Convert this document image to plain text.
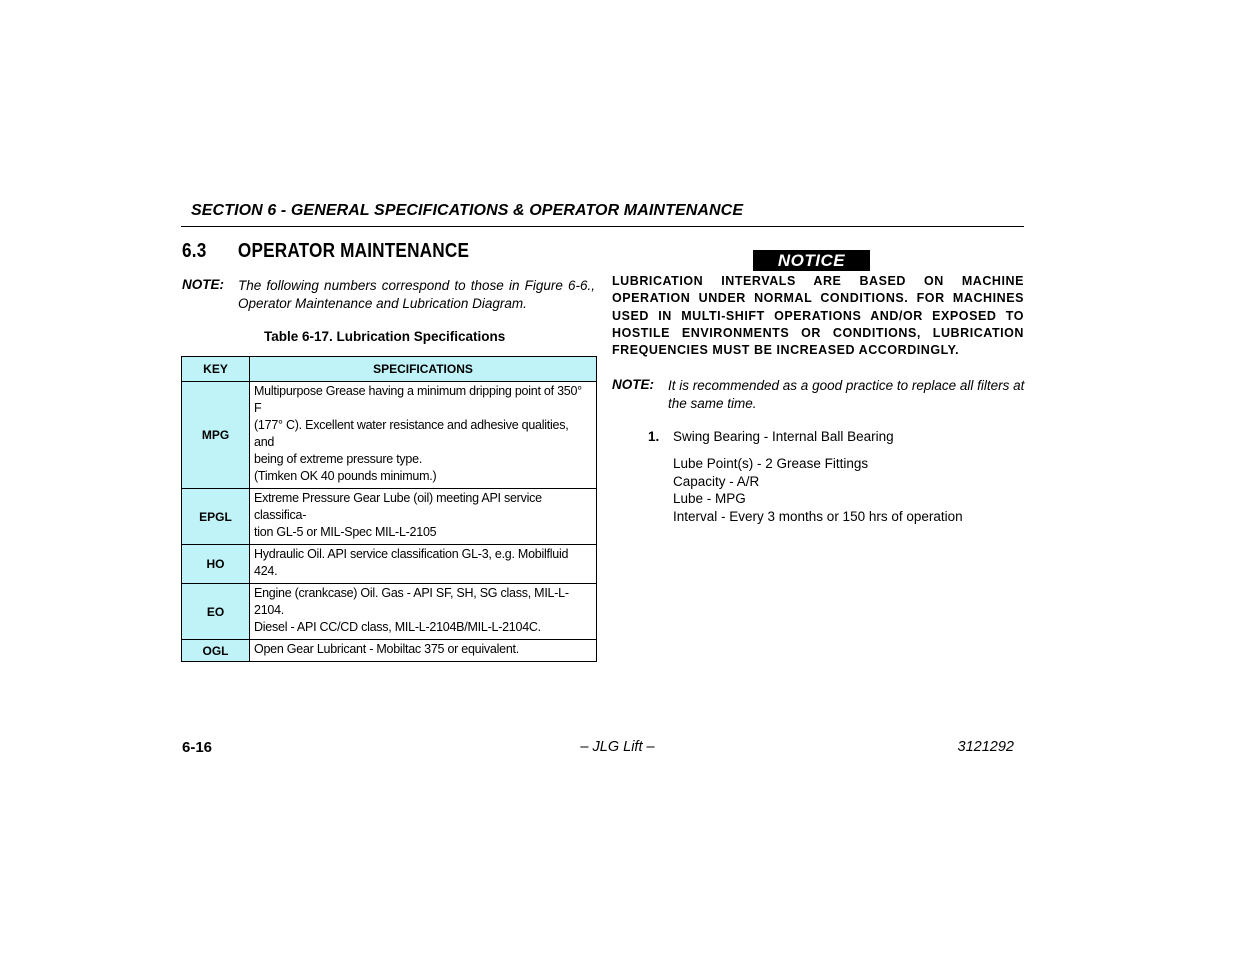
SECTION 6 - GENERAL SPECIFICATIONS & OPERATOR MAINTENANCE
6.3 OPERATOR MAINTENANCE
NOTE: The following numbers correspond to those in Figure 6-6., Operator Maintenance and Lubrication Diagram.
Table 6-17. Lubrication Specifications
KEY	SPECIFICATIONS
MPG	Multipurpose Grease having a minimum dripping point of 350° F
(177° C). Excellent water resistance and adhesive qualities, and
being of extreme pressure type.
(Timken OK 40 pounds minimum.)

EPGL	Extreme Pressure Gear Lube (oil) meeting API service classifica-
tion GL-5 or MIL-Spec MIL-L-2105

HO	Hydraulic Oil. API service classification GL-3, e.g. Mobilfluid 424.

EO	Engine (crankcase) Oil. Gas - API SF, SH, SG class, MIL-L-2104.
Diesel - API CC/CD class, MIL-L-2104B/MIL-L-2104C.

OGL	Open Gear Lubricant - Mobiltac 375 or equivalent.
NOTICE
LUBRICATION INTERVALS ARE BASED ON MACHINE OPERATION UNDER NORMAL CONDITIONS. FOR MACHINES USED IN MULTI-SHIFT OPERATIONS AND/OR EXPOSED TO HOSTILE ENVIRONMENTS OR CONDITIONS, LUBRICATION FREQUENCIES MUST BE INCREASED ACCORDINGLY.
NOTE: It is recommended as a good practice to replace all filters at the same time.
1. Swing Bearing - Internal Ball Bearing
Lube Point(s) - 2 Grease Fittings
Capacity - A/R
Lube - MPG
Interval - Every 3 months or 150 hrs of operation
6-16	– JLG Lift –	3121292
